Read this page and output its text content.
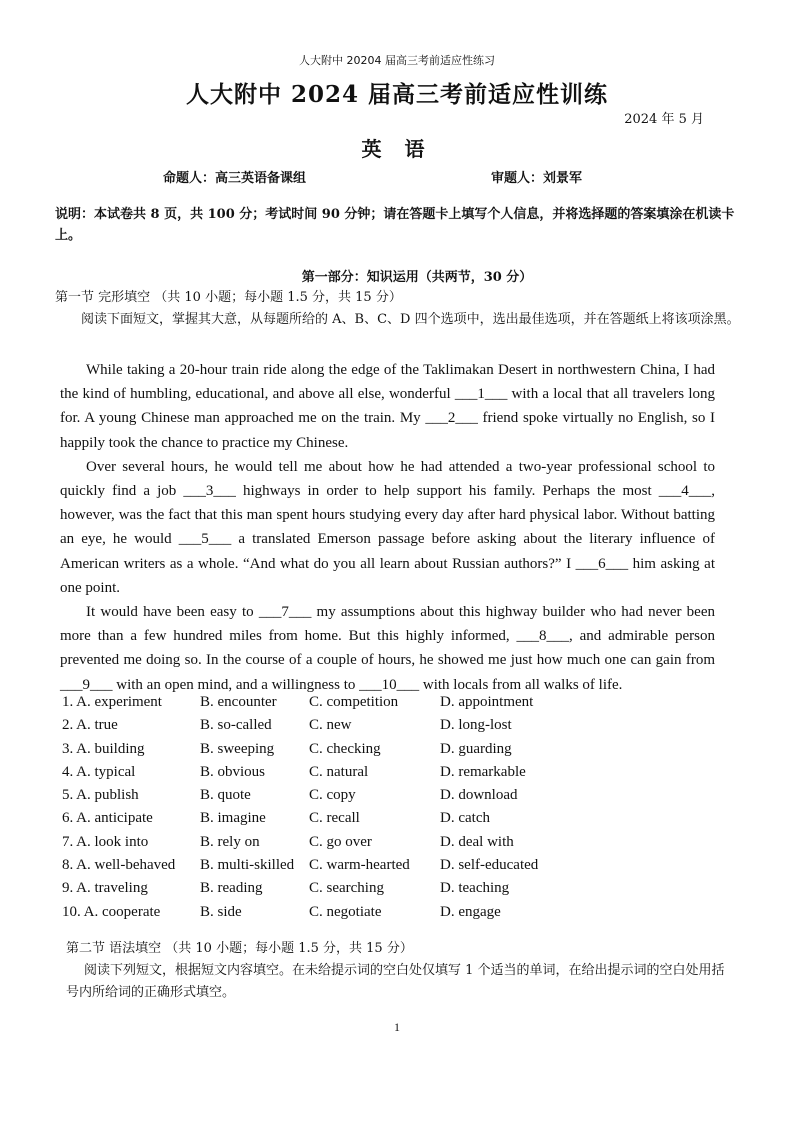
人大附中 20204 届高三考前适应性练习
人大附中 2024 届高三考前适应性训练
2024 年 5 月
英 语
命题人：高三英语备课组	审题人：刘景军
说明：本试卷共 8 页，共 100 分；考试时间 90 分钟；请在答题卡上填写个人信息，并将选择题的答案填涂在机读卡上。
第一部分：知识运用（共两节，30 分）
第一节 完形填空 （共 10 小题；每小题 1.5 分，共 15 分）
阅读下面短文，掌握其大意，从每题所给的 A、B、C、D 四个选项中，选出最佳选项，并在答题纸上将该项涂黑。

While taking a 20-hour train ride along the edge of the Taklimakan Desert in northwestern China, I had the kind of humbling, educational, and above all else, wonderful ___1___ with a local that all travelers long for. A young Chinese man approached me on the train. My ___2___ friend spoke virtually no English, so I happily took the chance to practice my Chinese.

Over several hours, he would tell me about how he had attended a two-year professional school to quickly find a job ___3___ highways in order to help support his family. Perhaps the most ___4___, however, was the fact that this man spent hours studying every day after hard physical labor. Without batting an eye, he would ___5___ a translated Emerson passage before asking about the literary influence of American writers as a whole. “And what do you all learn about Russian authors?” I ___6___ him asking at one point.

It would have been easy to ___7___ my assumptions about this highway builder who had never been more than a few hundred miles from home. But this highly informed, ___8___, and admirable person prevented me doing so. In the course of a couple of hours, he showed me just how much one can gain from ___9___ with an open mind, and a willingness to ___10___ with locals from all walks of life.

1. A. experiment	B. encounter C. competition	D. appointment
2. A. true	B. so-called C. new	D. long-lost
3. A. building	B. sweeping C. checking	D. guarding
4. A. typical	B. obvious	C. natural	D. remarkable
5. A. publish	B. quote	C. copy	D. download
6. A. anticipate	B. imagine	C. recall	D. catch
7. A. look into	B. rely on	C. go over	D. deal with
8. A. well-behaved B. multi-skilled C. warm-hearted D. self-educated
9. A. traveling	B. reading	C. searching	D. teaching
10. A. cooperate	B. side	C. negotiate	D. engage
第二节 语法填空 （共 10 小题；每小题 1.5 分，共 15 分）
阅读下列短文，根据短文内容填空。在未给提示词的空白处仅填写 1 个适当的单词，在给出提示词的空白处用括号内所给词的正确形式填空。
1
